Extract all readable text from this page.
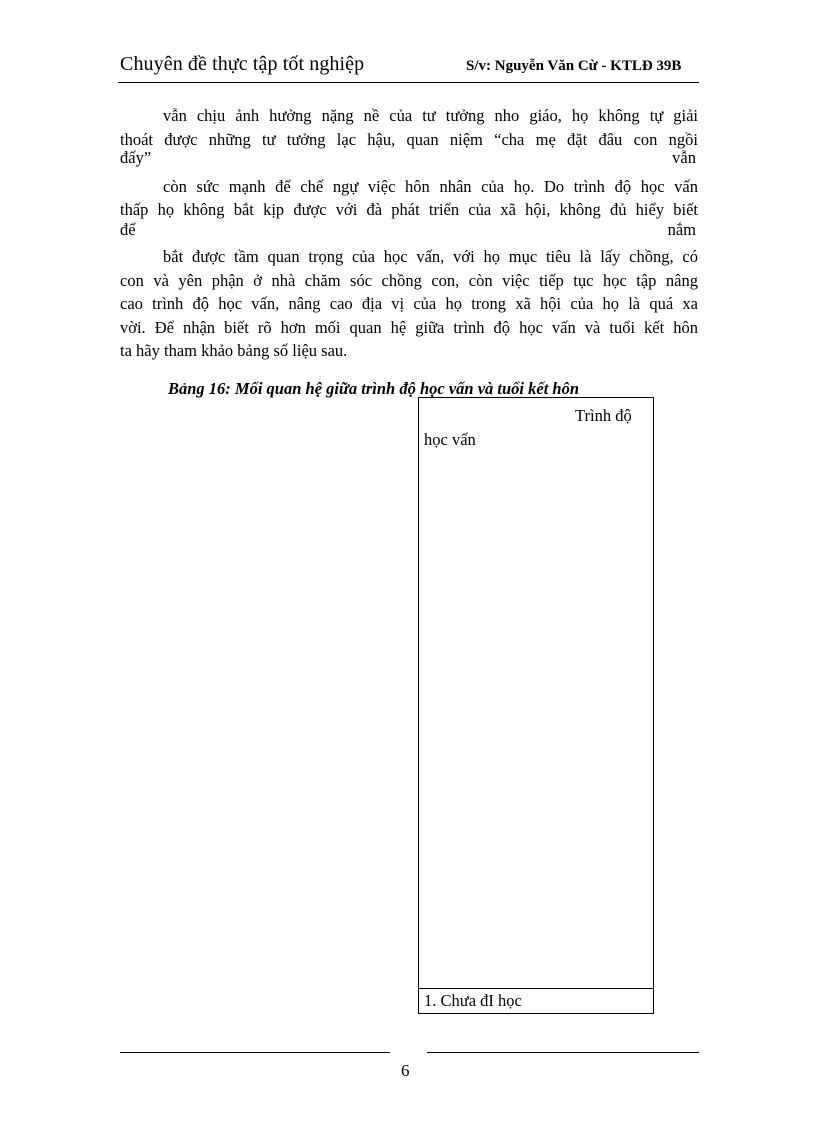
Chuyên đề thực tập tốt nghiệp	S/v: Nguyễn Văn Cừ - KTLĐ 39B
vẫn chịu ảnh hưởng nặng nề của tư tưởng nho giáo, họ không tự giải
thoát được những tư tưởng lạc hậu, quan niệm “cha mẹ đặt đâu con ngồi
đấy”	vẫn
còn sức mạnh để chế ngự việc hôn nhân của họ. Do trình độ học vấn
thấp họ không bắt kịp được với đà phát triển của xã hội, không đủ hiểy biết
để	nắm
bắt được tầm quan trọng của học vấn, với họ mục tiêu là lấy chồng, có
con và yên phận ở nhà chăm sóc chồng con, còn việc tiếp tục học tập nâng
cao trình độ học vấn, nâng cao địa vị của họ trong xã hội của họ là quá xa
vời. Để nhận biết rõ hơn mối quan hệ giữa trình độ học vấn và tuổi kết hôn
ta hãy tham khảo bảng số liệu sau.
Bảng 16: Mối quan hệ giữa trình độ học vấn và tuổi kết hôn
Trình độ
học vấn
1. Chưa đI học
6
